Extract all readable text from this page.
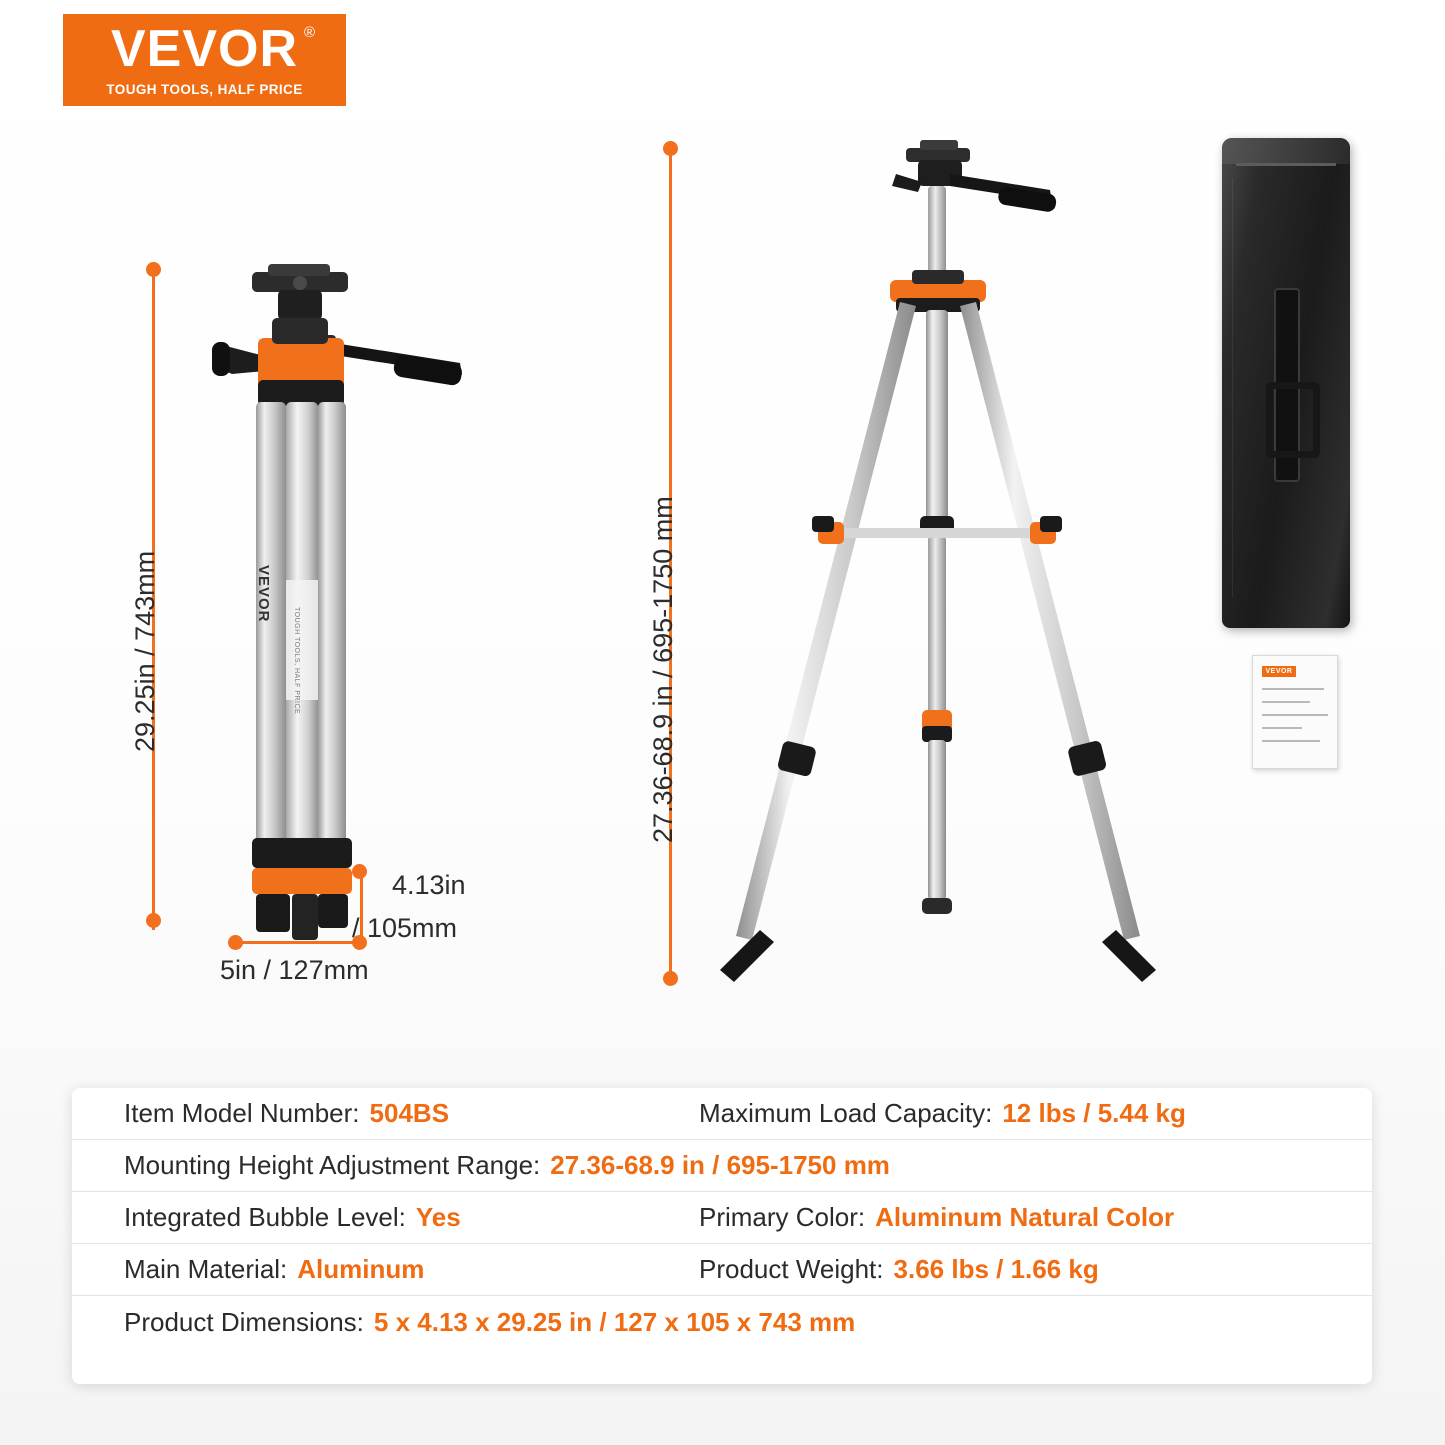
VEVOR ®
TOUGH TOOLS, HALF PRICE
VEVOR
TOUGH TOOLS, HALF PRICE
29.25in / 743mm
5in / 127mm
4.13in
/ 105mm
27.36-68.9 in / 695-1750 mm	VEVOR
Item Model Number: 504BS	Maximum Load Capacity: 12 lbs / 5.44 kg
Mounting Height Adjustment Range: 27.36-68.9 in / 695-1750 mm
Integrated Bubble Level: Yes	Primary Color: Aluminum Natural Color
Main Material: Aluminum	Product Weight: 3.66 lbs / 1.66 kg
Product Dimensions: 5 x 4.13 x 29.25 in / 127 x 105 x 743 mm
